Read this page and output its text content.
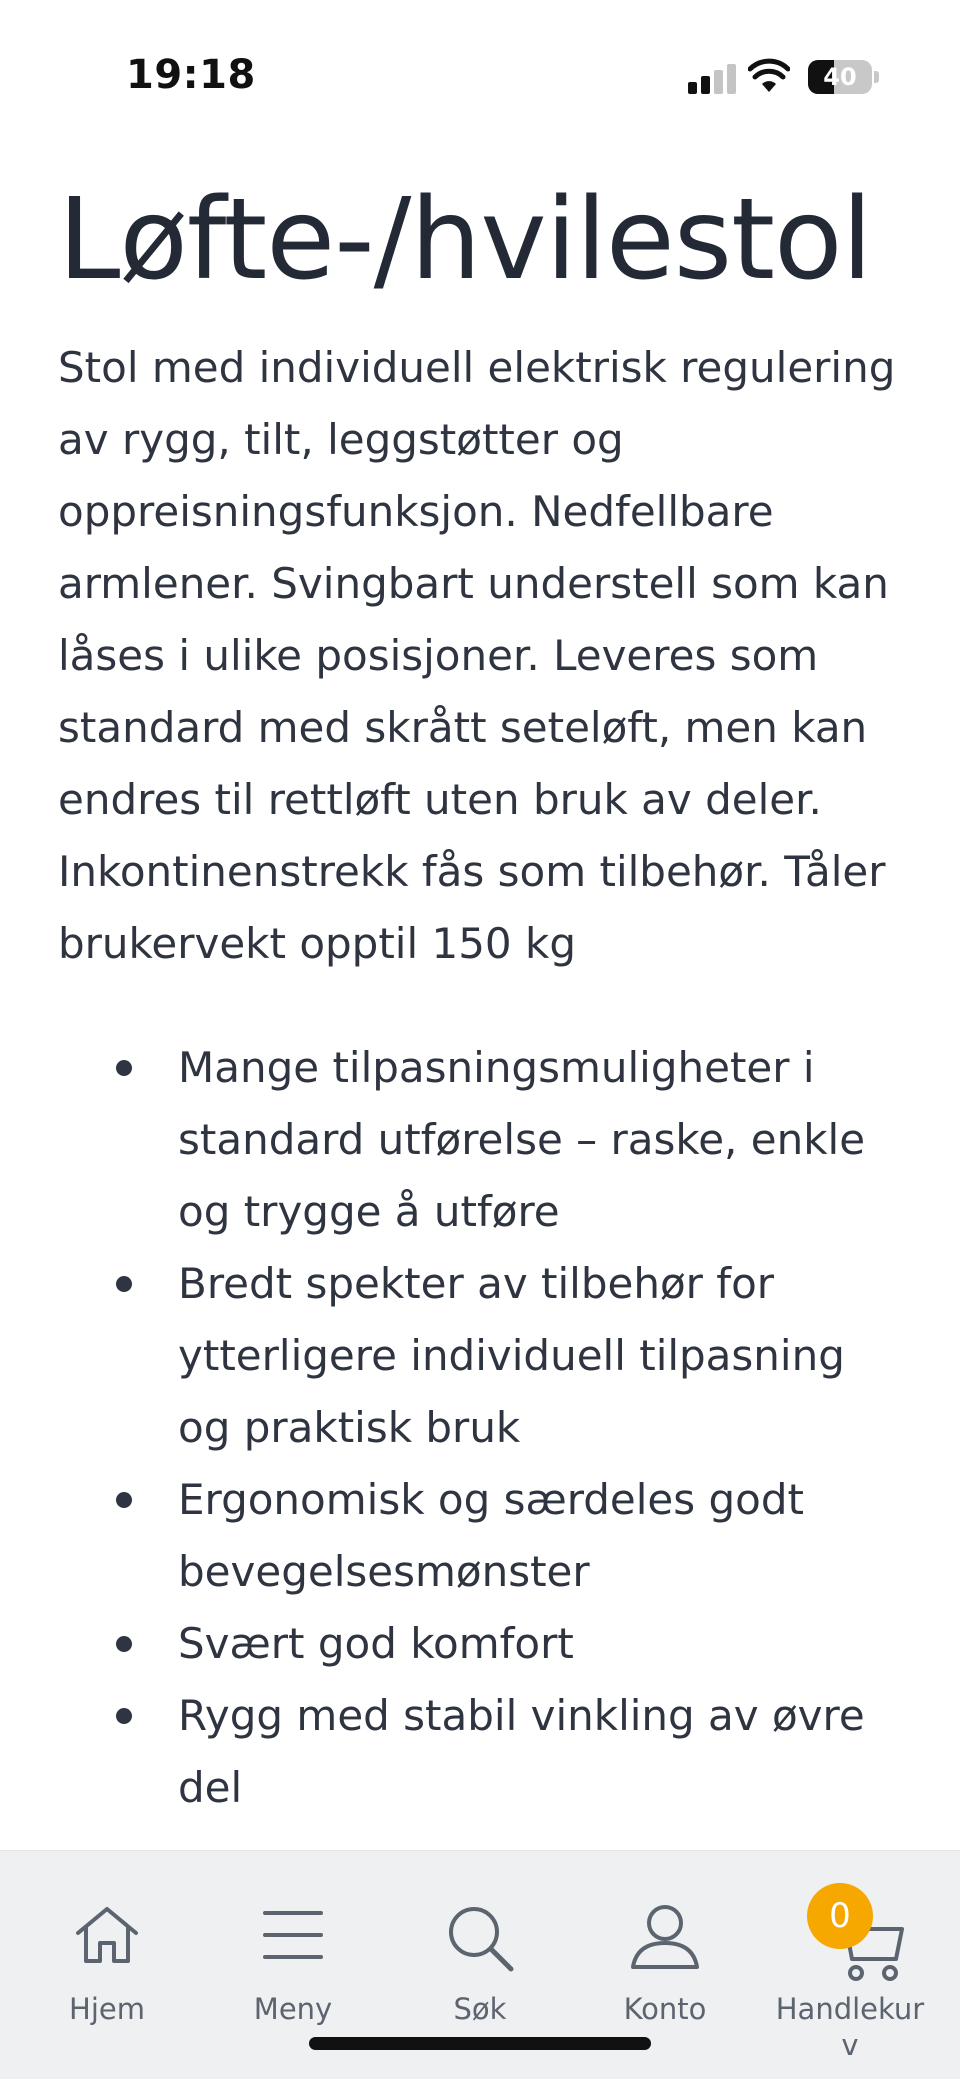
19:18	40
Løfte-/hvilestol

Stol med individuell elektrisk regulering av rygg, tilt, leggstøtter og oppreisningsfunksjon. Nedfellbare armlener. Svingbart understell som kan låses i ulike posisjoner. Leveres som standard med skrått seteløft, men kan endres til rettløft uten bruk av deler. Inkontinenstrekk fås som tilbehør. Tåler brukervekt opptil 150 kg

Mange tilpasningsmuligheter i standard utførelse – raske, enkle og trygge å utføre
Bredt spekter av tilbehør for ytterligere individuell tilpasning og praktisk bruk
Ergonomisk og særdeles godt bevegelsesmønster
Svært god komfort
Rygg med stabil vinkling av øvre del
Hjem	Meny	Søk	Konto
0
Handlekurv
